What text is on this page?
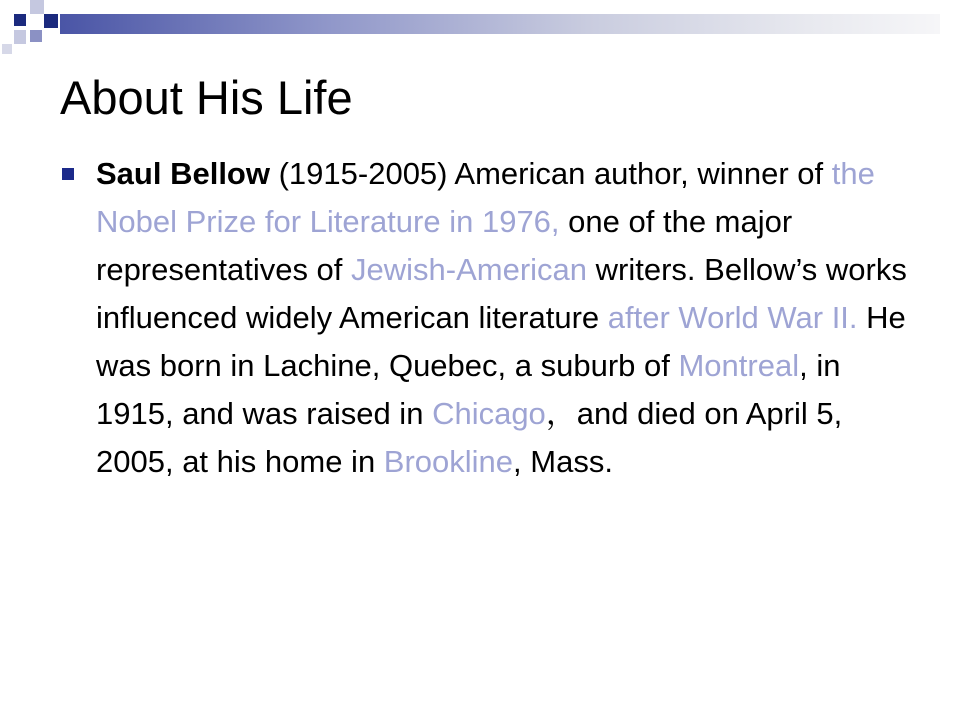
About His Life
Saul Bellow (1915-2005) American author, winner of the Nobel Prize for Literature in 1976, one of the major representatives of Jewish-American writers. Bellow’s works influenced widely American literature after World War II. He was born in Lachine, Quebec, a suburb of Montreal, in 1915, and was raised in Chicago，and died on April 5, 2005, at his home in Brookline, Mass.
